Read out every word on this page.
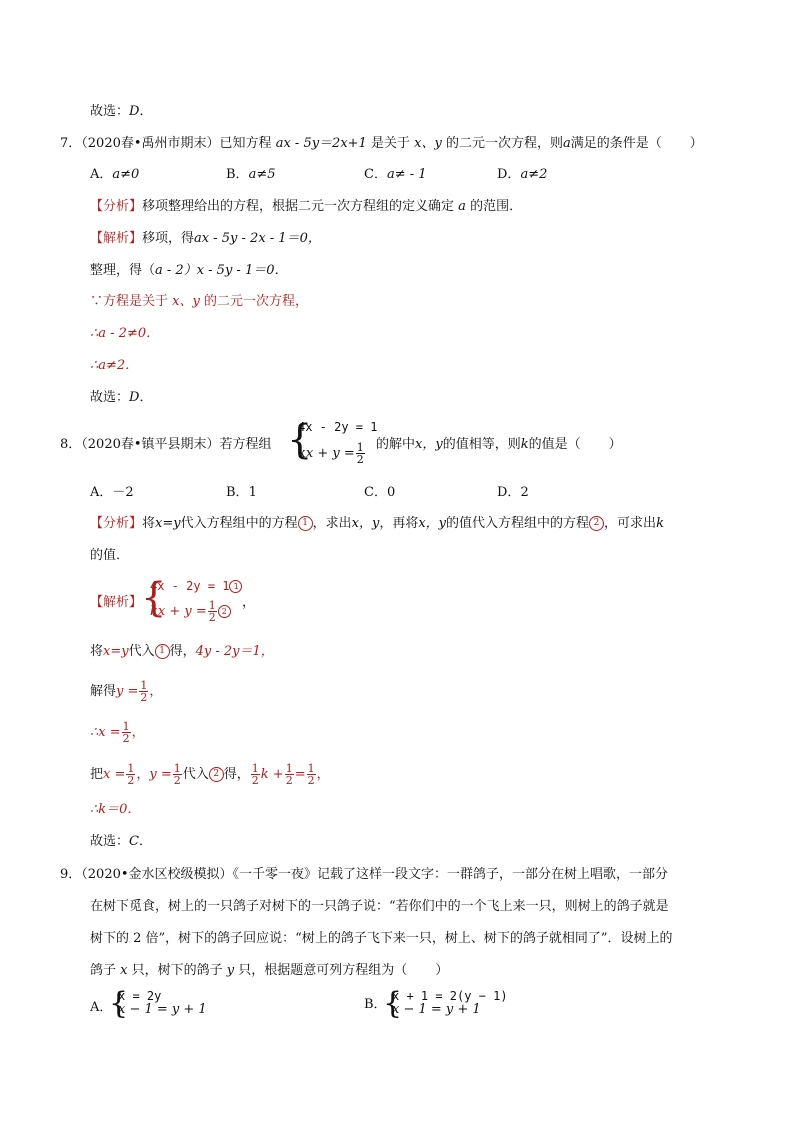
故选：D．
7．（2020春•禹州市期末）已知方程 ax - 5y＝2x+1 是关于 x、y 的二元一次方程，则a满足的条件是（ ）
A．a≠0	B．a≠5	C．a≠ - 1	D．a≠2
【分析】移项整理给出的方程，根据二元一次方程组的定义确定 a 的范围．
【解析】移项，得ax - 5y - 2x - 1＝0，
整理，得（a - 2）x - 5y - 1＝0．
∵方程是关于 x、y 的二元一次方程，
∴a - 2≠0．
∴a≠2．
故选：D．
8．（2020春•镇平县期末）若方程组 {
4x - 2y = 1
kx + $y = \frac{1}{2}$ 的解中x，y的值相等，则k的值是（ ）
A．－2	B．1	C．0	D．2
【分析】将x=y代入方程组中的方程 1 ，求出x，y，再将x，y的值代入方程组中的方程 2 ，可求出k
的值．
【解析】
{
4x - 2y = 1 1
kx + $y = \frac{1}{2} 2$
，
将x=y代入 1 得，4y - 2y＝1，
解得$y = \frac{1}{2}$ ，
∴x = $\frac{1}{2}$ ，
把$x = \frac{1}{2}$ ，$y = \frac{1}{2}$ 代入 2 得， $\frac{1}{2}$ $k + \frac{1}{2} = \frac{1}{2}$ ，
∴k＝0．
故选：C．
9．（2020•金水区校级模拟）《一千零一夜》记载了这样一段文字：一群鸽子，一部分在树上唱歌，一部分
在树下觅食，树上的一只鸽子对树下的一只鸽子说：“若你们中的一个飞上来一只，则树上的鸽子就是
树下的 2 倍”，树下的鸽子回应说：“树上的鸽子飞下来一只，树上、树下的鸽子就相同了”．设树上的
鸽子 x 只，树下的鸽子 y 只，根据题意可列方程组为（ ）
A．
{
x = 2y
x − 1 = y + 1	B．
{
x + 1 = 2(y − 1)
x − 1 = y + 1
